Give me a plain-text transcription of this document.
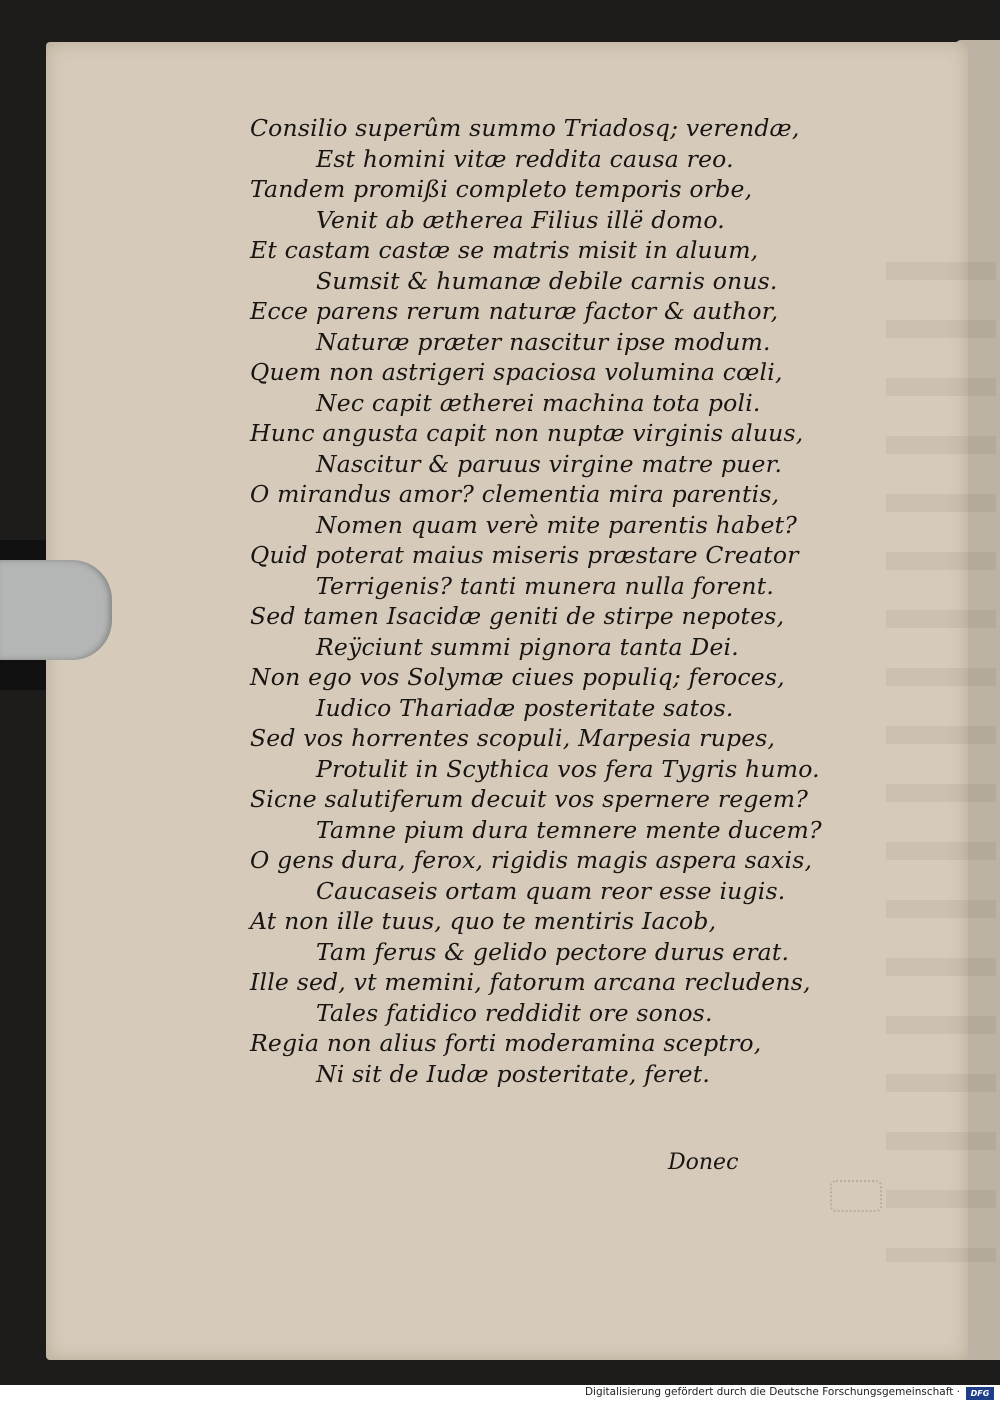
Consilio superûm summo Triadosq; verendæ,
Est homini vitæ reddita causa reo.
Tandem promißi completo temporis orbe,
Venit ab ætherea Filius illë domo.
Et castam castæ se matris misit in aluum,
Sumsit & humanæ debile carnis onus.
Ecce parens rerum naturæ factor & author,
Naturæ præter nascitur ipse modum.
Quem non astrigeri spaciosa volumina cœli,
Nec capit ætherei machina tota poli.
Hunc angusta capit non nuptæ virginis aluus,
Nascitur & paruus virgine matre puer.
O mirandus amor? clementia mira parentis,
Nomen quam verè mite parentis habet?
Quid poterat maius miseris præstare Creator
Terrigenis? tanti munera nulla forent.
Sed tamen Isacidæ geniti de stirpe nepotes,
Reÿciunt summi pignora tanta Dei.
Non ego vos Solymæ ciues populiq; feroces,
Iudico Thariadæ posteritate satos.
Sed vos horrentes scopuli, Marpesia rupes,
Protulit in Scythica vos fera Tygris humo.
Sicne salutiferum decuit vos spernere regem?
Tamne pium dura temnere mente ducem?
O gens dura, ferox, rigidis magis aspera saxis,
Caucaseis ortam quam reor esse iugis.
At non ille tuus, quo te mentiris Iacob,
Tam ferus & gelido pectore durus erat.
Ille sed, vt memini, fatorum arcana recludens,
Tales fatidico reddidit ore sonos.
Regia non alius forti moderamina sceptro,
Ni sit de Iudæ posteritate, feret.
Donec
Digitalisierung gefördert durch die Deutsche Forschungsgemeinschaft ·	DFG
